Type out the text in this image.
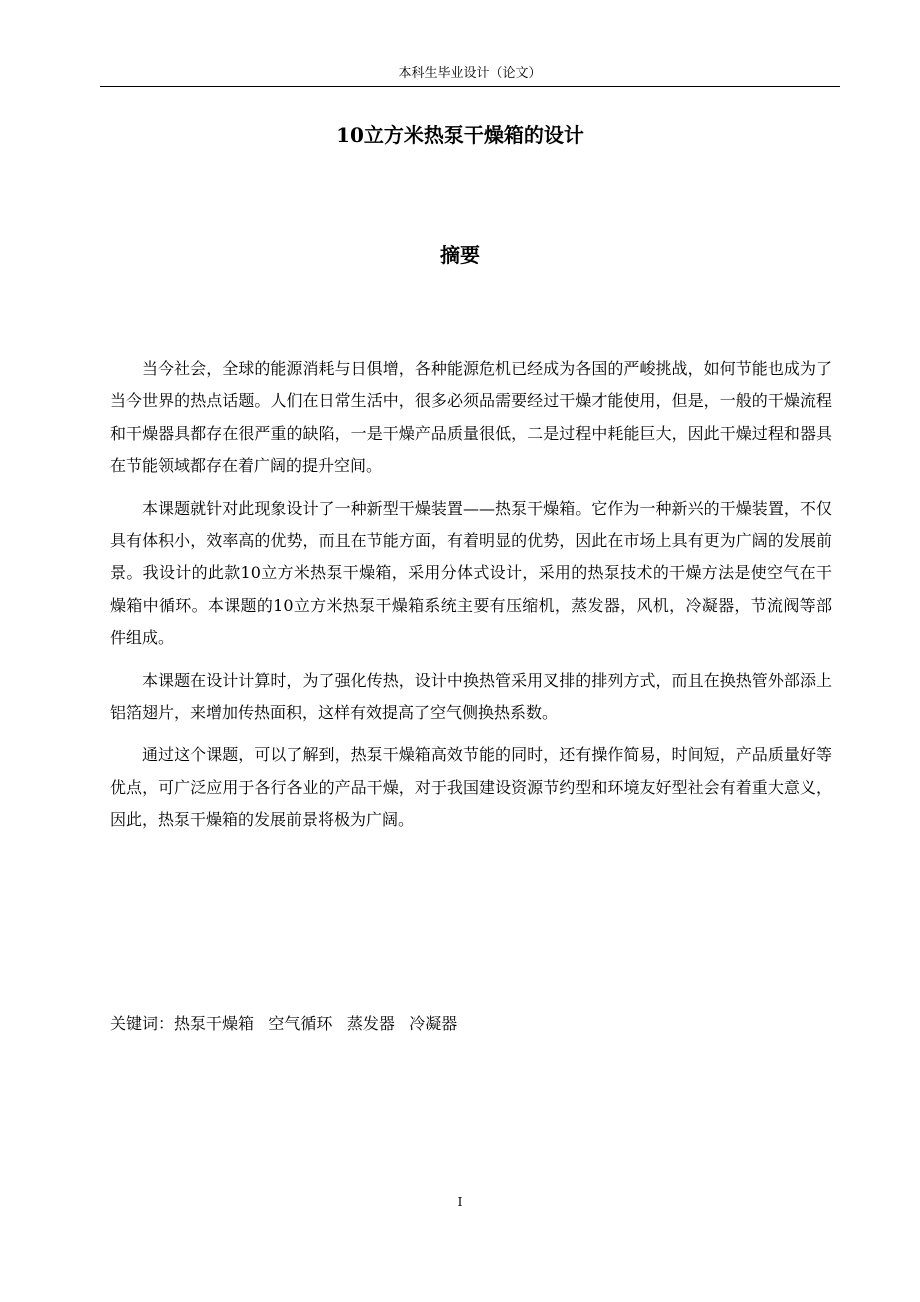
本科生毕业设计（论文）
10立方米热泵干燥箱的设计
摘要

当今社会，全球的能源消耗与日俱增，各种能源危机已经成为各国的严峻挑战，如何节能也成为了当今世界的热点话题。人们在日常生活中，很多必须品需要经过干燥才能使用，但是，一般的干燥流程和干燥器具都存在很严重的缺陷，一是干燥产品质量很低，二是过程中耗能巨大，因此干燥过程和器具在节能领域都存在着广阔的提升空间。

本课题就针对此现象设计了一种新型干燥装置——热泵干燥箱。它作为一种新兴的干燥装置，不仅具有体积小，效率高的优势，而且在节能方面，有着明显的优势，因此在市场上具有更为广阔的发展前景。我设计的此款10立方米热泵干燥箱，采用分体式设计，采用的热泵技术的干燥方法是使空气在干燥箱中循环。本课题的10立方米热泵干燥箱系统主要有压缩机，蒸发器，风机，冷凝器，节流阀等部件组成。

本课题在设计计算时，为了强化传热，设计中换热管采用叉排的排列方式，而且在换热管外部添上铝箔翅片，来增加传热面积，这样有效提高了空气侧换热系数。

通过这个课题，可以了解到，热泵干燥箱高效节能的同时，还有操作简易，时间短，产品质量好等优点，可广泛应用于各行各业的产品干燥，对于我国建设资源节约型和环境友好型社会有着重大意义，因此，热泵干燥箱的发展前景将极为广阔。

关键词：热泵干燥箱 空气循环 蒸发器 冷凝器
I
